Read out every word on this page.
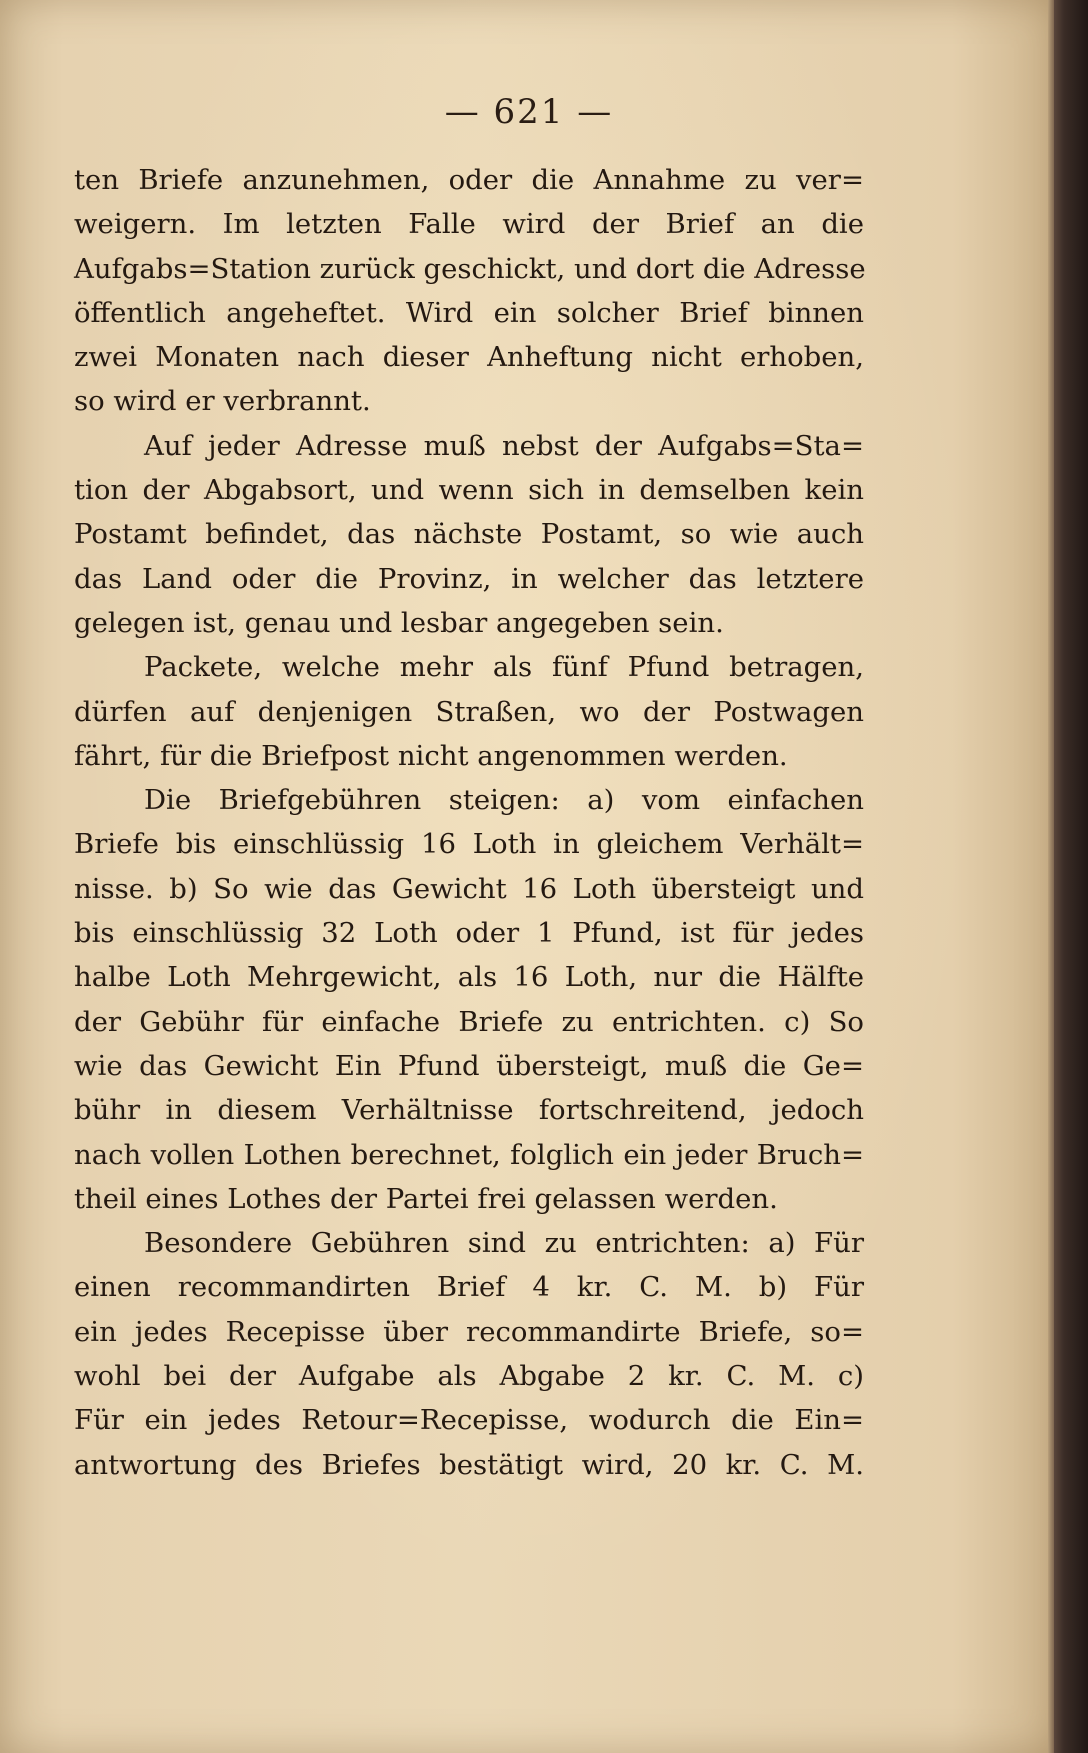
— 621 —
ten Briefe anzunehmen, oder die Annahme zu ver=
weigern. Im letzten Falle wird der Brief an die
Aufgabs=Station zurück geschickt, und dort die Adresse
öffentlich angeheftet. Wird ein solcher Brief binnen
zwei Monaten nach dieser Anheftung nicht erhoben,
so wird er verbrannt.
Auf jeder Adresse muß nebst der Aufgabs=Sta=
tion der Abgabsort, und wenn sich in demselben kein
Postamt befindet, das nächste Postamt, so wie auch
das Land oder die Provinz, in welcher das letztere
gelegen ist, genau und lesbar angegeben sein.
Packete, welche mehr als fünf Pfund betragen,
dürfen auf denjenigen Straßen, wo der Postwagen
fährt, für die Briefpost nicht angenommen werden.
Die Briefgebühren steigen: a) vom einfachen
Briefe bis einschlüssig 16 Loth in gleichem Verhält=
nisse. b) So wie das Gewicht 16 Loth übersteigt und
bis einschlüssig 32 Loth oder 1 Pfund, ist für jedes
halbe Loth Mehrgewicht, als 16 Loth, nur die Hälfte
der Gebühr für einfache Briefe zu entrichten. c) So
wie das Gewicht Ein Pfund übersteigt, muß die Ge=
bühr in diesem Verhältnisse fortschreitend, jedoch
nach vollen Lothen berechnet, folglich ein jeder Bruch=
theil eines Lothes der Partei frei gelassen werden.
Besondere Gebühren sind zu entrichten: a) Für
einen recommandirten Brief 4 kr. C. M. b) Für
ein jedes Recepisse über recommandirte Briefe, so=
wohl bei der Aufgabe als Abgabe 2 kr. C. M. c)
Für ein jedes Retour=Recepisse, wodurch die Ein=
antwortung des Briefes bestätigt wird, 20 kr. C. M.
